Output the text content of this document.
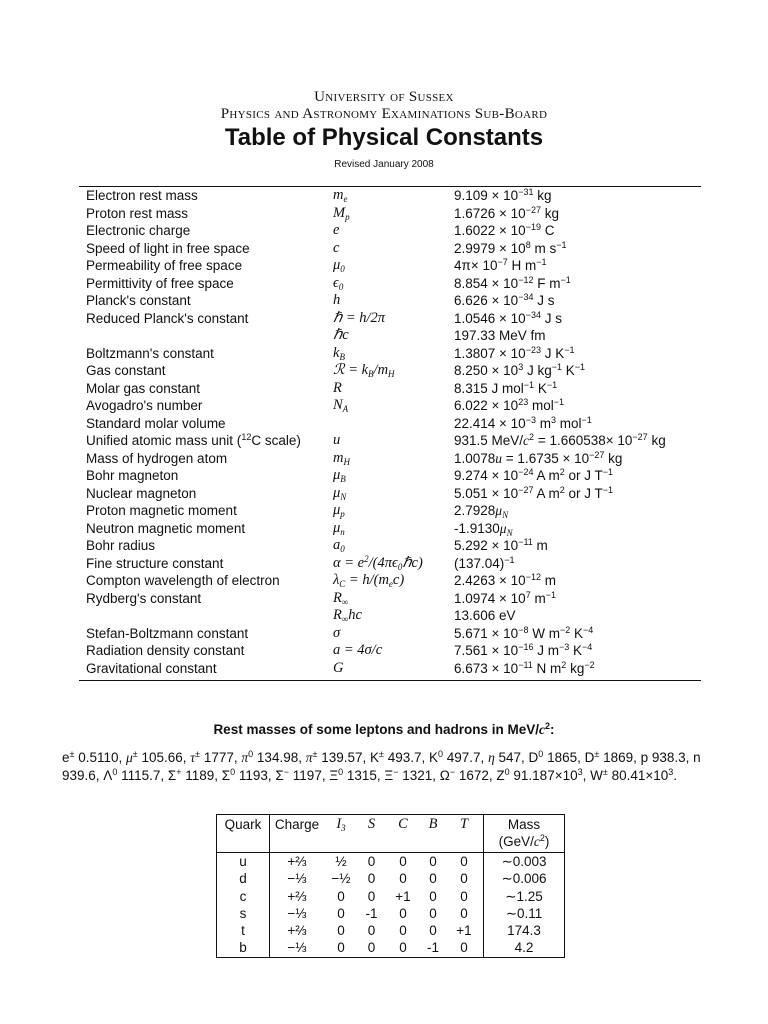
University of Sussex
Physics and Astronomy Examinations Sub-Board
Table of Physical Constants
Revised January 2008
Electron rest mass	$m_e$	$9.109 \times 10^{-31}$ kg
Proton rest mass	$M_p$	$1.6726 \times 10^{-27}$ kg
Electronic charge	e	$1.6022 \times 10^{-19}$ C
Speed of light in free space	c	$2.9979 \times 10^8$ m $s^{-1}$
Permeability of free space	$\mu_0$	$4\pi\times 10^{-7}$ H $m^{-1}$
Permittivity of free space	$\epsilon_0$	$8.854 \times 10^{-12}$ F $m^{-1}$
Planck's constant	h	$6.626 \times 10^{-34}$ J s
Reduced Planck's constant	ℏ = h/2π	$1.0546 \times 10^{-34}$ J s
	ℏc	197.33 MeV fm
Boltzmann's constant	$k_B$	$1.3807 \times 10^{-23}$ J $K^{-1}$
Gas constant	ℛ = $k_B/m_H$	$8.250 \times 10^3$ J $kg^{-1}$ $K^{-1}$
Molar gas constant	R	8.315 J mol$^{-1}$ $K^{-1}$
Avogadro's number	$N_A$	$6.022 \times 10^{23}$ mol$^{-1}$
Standard molar volume		$22.414 \times 10^{-3}$ $m^3$ mol$^{-1}$
Unified atomic mass unit ($^{12}$C scale)	u	931.5 MeV/$c^2 = 1.660538\times 10^{-27}$ kg
Mass of hydrogen atom	$m_H$	$1.0078u = 1.6735 \times 10^{-27}$ kg
Bohr magneton	$\mu_B$	$9.274 \times 10^{-24}$ A $m^2$ or J $T^{-1}$
Nuclear magneton	$\mu_N$	$5.051 \times 10^{-27}$ A $m^2$ or J $T^{-1}$
Proton magnetic moment	$\mu_p$	$2.7928\mu_N$
Neutron magnetic moment	$\mu_n$	$-1.9130\mu_N$
Bohr radius	$a_0$	$5.292 \times 10^{-11}$ m
Fine structure constant	$\alpha = e^2/(4\pi\epsilon_0\hbar c)$	$(137.04)^{-1}$
Compton wavelength of electron	$\lambda_C = h/(m_ec)$	$2.4263 \times 10^{-12}$ m
Rydberg's constant	$R_\infty$	$1.0974 \times 10^7$ $m^{-1}$
	$R_\infty hc$	13.606 eV
Stefan-Boltzmann constant	σ	$5.671 \times 10^{-8}$ W $m^{-2}$ $K^{-4}$
Radiation density constant	a = 4σ/c	$7.561 \times 10^{-16}$ J $m^{-3}$ $K^{-4}$
Gravitational constant	G	$6.673 \times 10^{-11}$ N $m^2$ $kg^{-2}$
Rest masses of some leptons and hadrons in MeV/$c^2$:
e± 0.5110, μ± 105.66, τ± 1777, $\pi^0$ 134.98, π± 139.57, K± 493.7, $K^0$ 497.7, η 547, $D^0$ 1865, D± 1869, p 938.3, n 939.6, $\Lambda^0$ 1115.7, Σ+ 1189, $\Sigma^0$ 1193, Σ− 1197, $\Xi^0$ 1315, Ξ− 1321, Ω− 1672, $Z^0$ $91.187\times 10^3$, W± $80.41\times 10^3$.
Quark	Charge	$I_3$	S	C	B	T	Mass
$(GeV/c^2)$
u	+⅔	½	0	0	0	0	∼0.003
d	−⅓	−½	0	0	0	0	∼0.006
c	+⅔	0	0	+1	0	0	∼1.25
s	−⅓	0	-1	0	0	0	∼0.11
t	+⅔	0	0	0	0	+1	174.3
b	−⅓	0	0	0	-1	0	4.2
